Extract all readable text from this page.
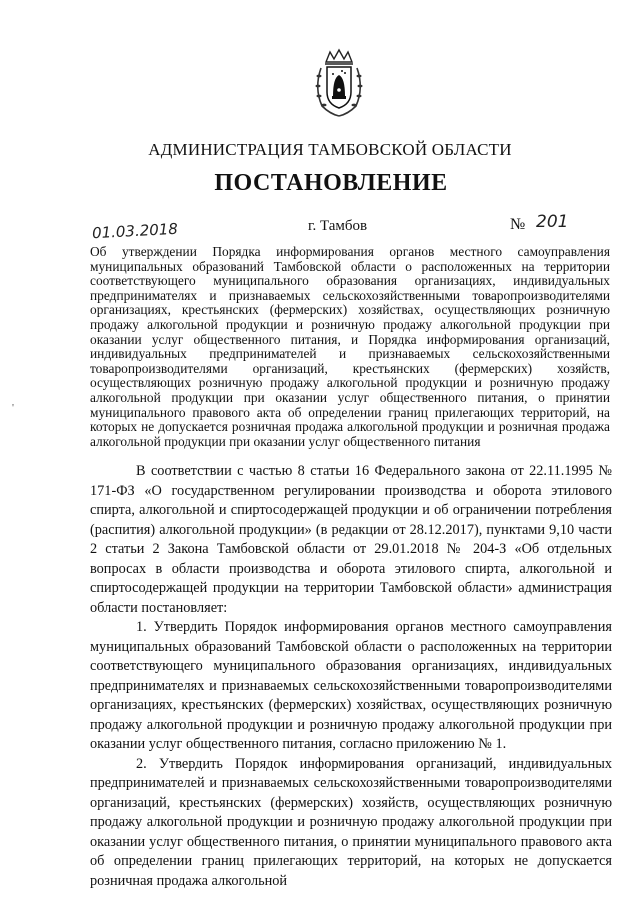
АДМИНИСТРАЦИЯ ТАМБОВСКОЙ ОБЛАСТИ
ПОСТАНОВЛЕНИЕ
01.03.2018	г. Тамбов	№ 201
Об утверждении Порядка информирования органов местного самоуправления муниципальных образований Тамбовской области о расположенных на территории соответствующего муниципального образования организациях, индивидуальных предпринимателях и признаваемых сельскохозяйственными товаропроизводителями организациях, крестьянских (фермерских) хозяйствах, осуществляющих розничную продажу алкогольной продукции и розничную продажу алкогольной продукции при оказании услуг общественного питания, и Порядка информирования организаций, индивидуальных предпринимателей и признаваемых сельскохозяйственными товаропроизводителями организаций, крестьянских (фермерских) хозяйств, осуществляющих розничную продажу алкогольной продукции и розничную продажу алкогольной продукции при оказании услуг общественного питания, о принятии муниципального правового акта об определении границ прилегающих территорий, на которых не допускается розничная продажа алкогольной продукции и розничная продажа алкогольной продукции при оказании услуг общественного питания
'

В соответствии с частью 8 статьи 16 Федерального закона от 22.11.1995 № 171-ФЗ «О государственном регулировании производства и оборота этилового спирта, алкогольной и спиртосодержащей продукции и об ограничении потребления (распития) алкогольной продукции» (в редакции от 28.12.2017), пунктами 9,10 части 2 статьи 2 Закона Тамбовской области от 29.01.2018 № 204-З «Об отдельных вопросах в области производства и оборота этилового спирта, алкогольной и спиртосодержащей продукции на территории Тамбовской области» администрация области постановляет:

1. Утвердить Порядок информирования органов местного самоуправления муниципальных образований Тамбовской области о расположенных на территории соответствующего муниципального образования организациях, индивидуальных предпринимателях и признаваемых сельскохозяйственными товаропроизводителями организациях, крестьянских (фермерских) хозяйствах, осуществляющих розничную продажу алкогольной продукции и розничную продажу алкогольной продукции при оказании услуг общественного питания, согласно приложению № 1.

2. Утвердить Порядок информирования организаций, индивидуальных предпринимателей и признаваемых сельскохозяйственными товаропроизводителями организаций, крестьянских (фермерских) хозяйств, осуществляющих розничную продажу алкогольной продукции и розничную продажу алкогольной продукции при оказании услуг общественного питания, о принятии муниципального правового акта об определении границ прилегающих территорий, на которых не допускается розничная продажа алкогольной
